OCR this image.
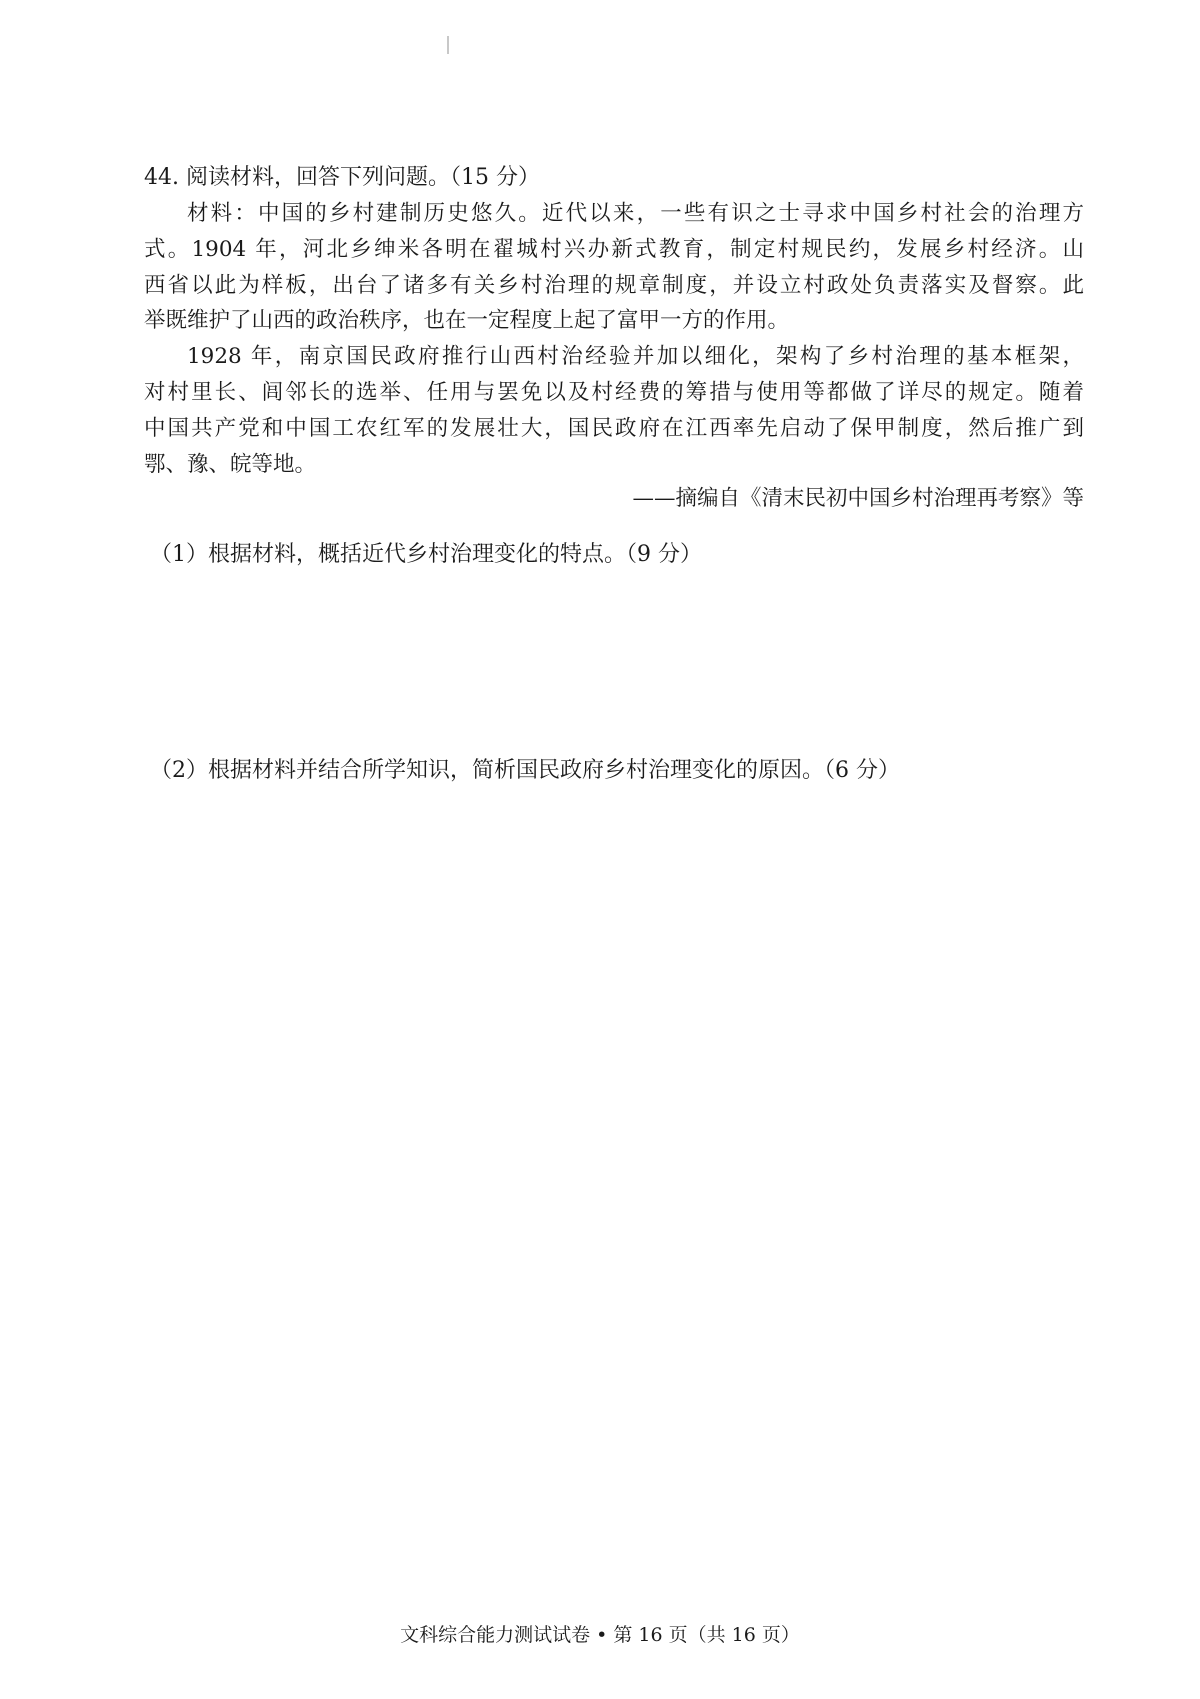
44. 阅读材料，回答下列问题。（15 分）
材料：中国的乡村建制历史悠久。近代以来，一些有识之士寻求中国乡村社会的治理方
式。1904 年，河北乡绅米各明在翟城村兴办新式教育，制定村规民约，发展乡村经济。山
西省以此为样板，出台了诸多有关乡村治理的规章制度，并设立村政处负责落实及督察。此
举既维护了山西的政治秩序，也在一定程度上起了富甲一方的作用。
1928 年，南京国民政府推行山西村治经验并加以细化，架构了乡村治理的基本框架，
对村里长、闾邻长的选举、任用与罢免以及村经费的筹措与使用等都做了详尽的规定。随着
中国共产党和中国工农红军的发展壮大，国民政府在江西率先启动了保甲制度，然后推广到
鄂、豫、皖等地。
——摘编自《清末民初中国乡村治理再考察》等
（1）根据材料，概括近代乡村治理变化的特点。（9 分）
（2）根据材料并结合所学知识，简析国民政府乡村治理变化的原因。（6 分）
文科综合能力测试试卷 • 第 16 页（共 16 页）
